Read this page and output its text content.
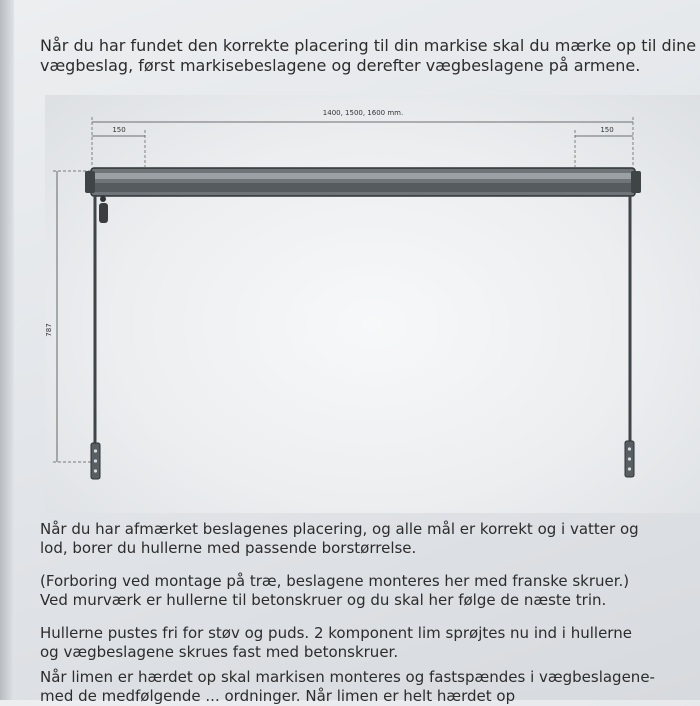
Når du har fundet den korrekte placering til din markise skal du mærke op til dine
vægbeslag, først markisebeslagene og derefter vægbeslagene på armene.

1400, 1500, 1600 mm.
150	150
787

Når du har afmærket beslagenes placering, og alle mål er korrekt og i vatter og
lod, borer du hullerne med passende borstørrelse.

(Forboring ved montage på træ, beslagene monteres her med franske skruer.)
Ved murværk er hullerne til betonskruer og du skal her følge de næste trin.

Hullerne pustes fri for støv og puds. 2 komponent lim sprøjtes nu ind i hullerne
og vægbeslagene skrues fast med betonskruer.

Når limen er hærdet op skal markisen monteres og fastspændes i vægbeslagene-
med de medfølgende ... ordninger. Når limen er helt hærdet op
